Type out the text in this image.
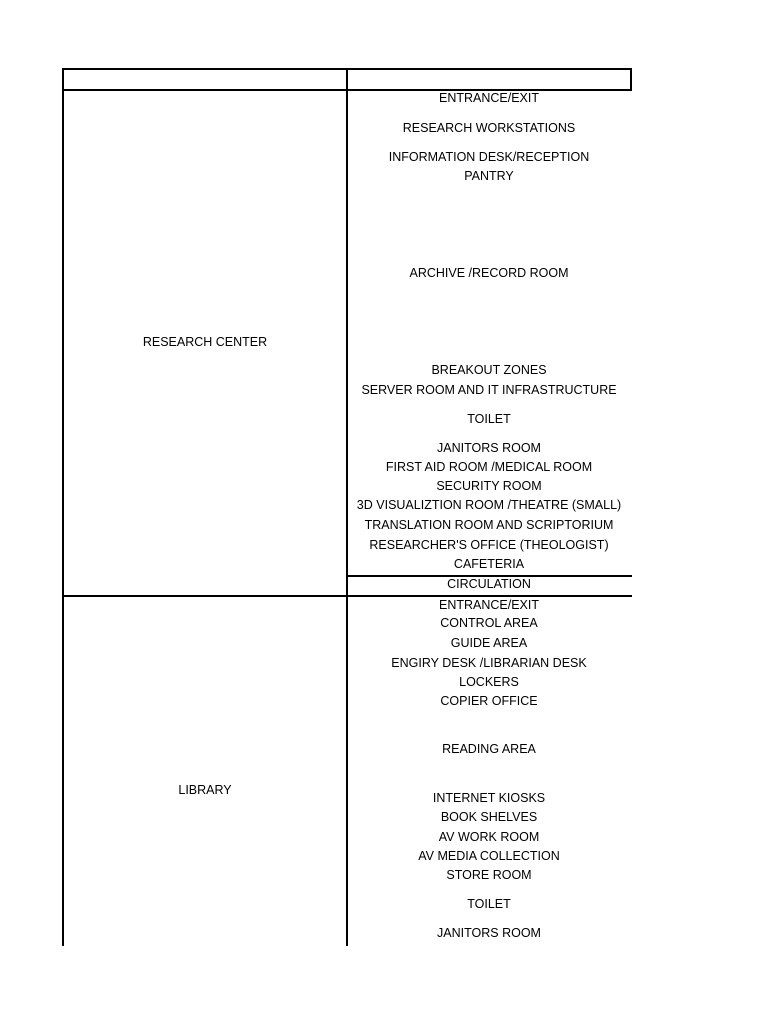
RESEARCH CENTER
ENTRANCE/EXIT
RESEARCH WORKSTATIONS
INFORMATION DESK/RECEPTION
PANTRY
ARCHIVE /RECORD ROOM
BREAKOUT ZONES
SERVER ROOM AND IT INFRASTRUCTURE
TOILET
JANITORS ROOM
FIRST AID ROOM /MEDICAL ROOM
SECURITY ROOM
3D VISUALIZTION ROOM /THEATRE (SMALL)
TRANSLATION ROOM AND SCRIPTORIUM
RESEARCHER'S OFFICE (THEOLOGIST)
CAFETERIA
CIRCULATION
LIBRARY
ENTRANCE/EXIT
CONTROL AREA
GUIDE AREA
ENGIRY DESK /LIBRARIAN DESK
LOCKERS
COPIER OFFICE
READING AREA
INTERNET KIOSKS
BOOK SHELVES
AV WORK ROOM
AV MEDIA COLLECTION
STORE ROOM
TOILET
JANITORS ROOM
